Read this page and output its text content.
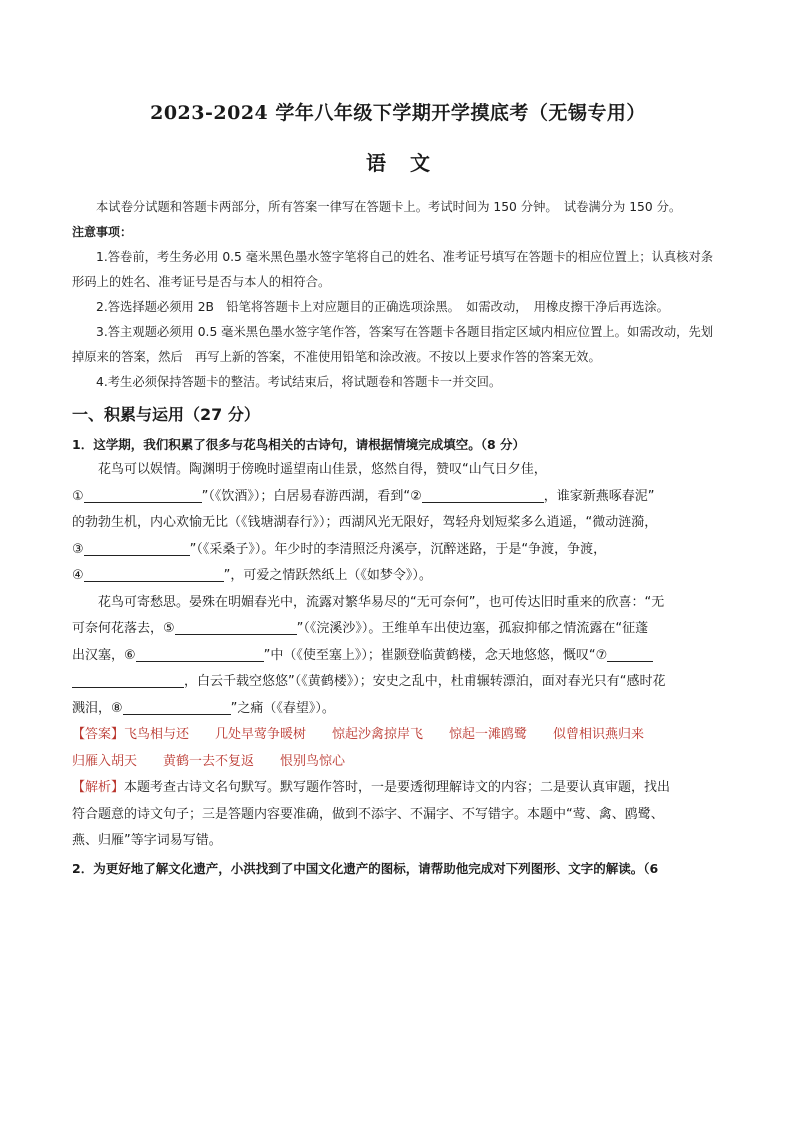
2023-2024 学年八年级下学期开学摸底考（无锡专用）
语 文

本试卷分试题和答题卡两部分，所有答案一律写在答题卡上。考试时间为 150 分钟。　试卷满分为 150 分。

注意事项：

1.答卷前，考生务必用 0.5 毫米黑色墨水签字笔将自己的姓名、准考证号填写在答题卡的相应位置上；认真核对条形码上的姓名、准考证号是否与本人的相符合。

2.答选择题必须用 2B　铅笔将答题卡上对应题目的正确选项涂黑。　如需改动，　用橡皮擦干净后再选涂。

3.答主观题必须用 0.5 毫米黑色墨水签字笔作答，答案写在答题卡各题目指定区域内相应位置上。如需改动，先划掉原来的答案，然后　再写上新的答案，不准使用铅笔和涂改液。不按以上要求作答的答案无效。

4.考生必须保持答题卡的整洁。考试结束后，将试题卷和答题卡一并交回。

一、积累与运用（27 分）
1．这学期，我们积累了很多与花鸟相关的古诗句，请根据情境完成填空。（8 分）

花鸟可以娱情。陶渊明于傍晚时遥望南山佳景，悠然自得，赞叹“山气日夕佳，

①	”（《饮酒》）；白居易春游西湖，看到“②	，谁家新燕啄春泥”

的勃勃生机，内心欢愉无比（《钱塘湖春行》）；西湖风光无限好，驾轻舟划短桨多么逍遥，“微动涟漪，

③	”（《采桑子》）。年少时的李清照泛舟溪亭，沉醉迷路，于是“争渡，争渡，

④	”，可爱之情跃然纸上（《如梦令》）。

花鸟可寄愁思。晏殊在明媚春光中，流露对繁华易尽的“无可奈何”，也可传达旧时重来的欣喜：“无

可奈何花落去，⑤	”（《浣溪沙》）。王维单车出使边塞，孤寂抑郁之情流露在“征蓬

出汉塞，⑥	”中（《使至塞上》）；崔颢登临黄鹤楼，念天地悠悠，慨叹“⑦

，白云千载空悠悠”（《黄鹤楼》）；安史之乱中，杜甫辗转漂泊，面对春光只有“感时花

溅泪，⑧	”之痛（《春望》）。

【答案】飞鸟相与还　　几处早莺争暖树　　惊起沙禽掠岸飞　　惊起一滩鸥鹭　　似曾相识燕归来

归雁入胡天　　黄鹤一去不复返　　恨别鸟惊心

【解析】本题考查古诗文名句默写。默写题作答时，一是要透彻理解诗文的内容；二是要认真审题，找出

符合题意的诗文句子；三是答题内容要准确，做到不添字、不漏字、不写错字。本题中“莺、禽、鸥鹭、

燕、归雁”等字词易写错。

2．为更好地了解文化遗产，小洪找到了中国文化遗产的图标，请帮助他完成对下列图形、文字的解读。（6
